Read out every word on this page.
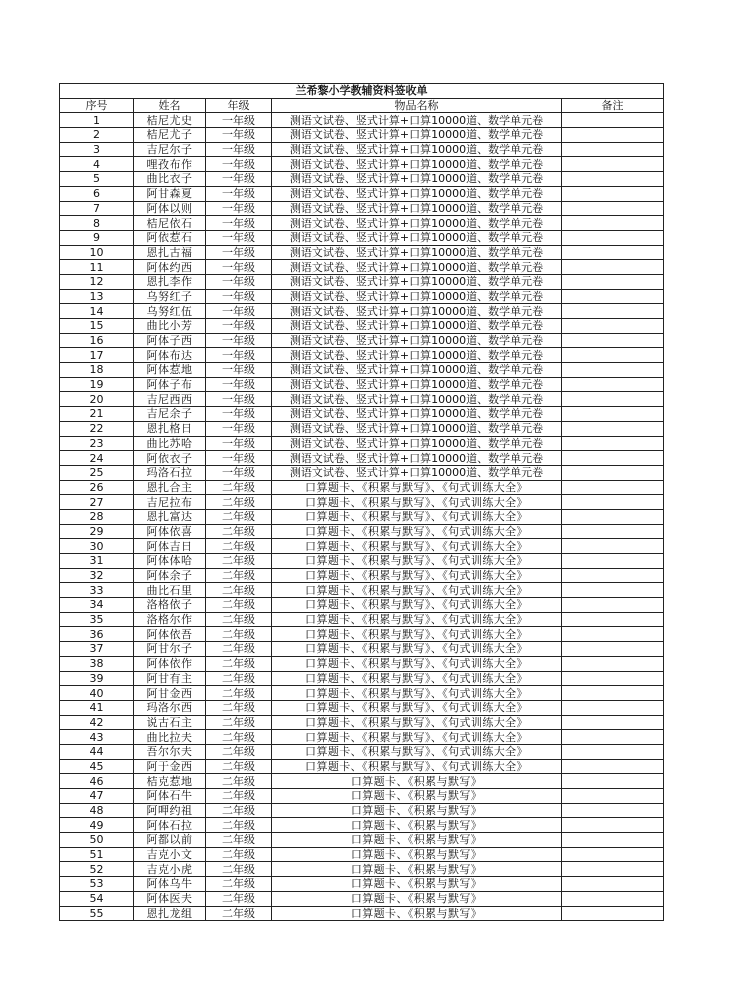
兰希黎小学教辅资料签收单				
序号	姓名	年级	物品名称	备注
1	桔尼尤史	一年级	测语文试卷、竖式计算+口算10000道、数学单元卷	
2	桔尼尤子	一年级	测语文试卷、竖式计算+口算10000道、数学单元卷	
3	吉尼尔子	一年级	测语文试卷、竖式计算+口算10000道、数学单元卷	
4	哩孜布作	一年级	测语文试卷、竖式计算+口算10000道、数学单元卷	
5	曲比衣子	一年级	测语文试卷、竖式计算+口算10000道、数学单元卷	
6	阿甘森夏	一年级	测语文试卷、竖式计算+口算10000道、数学单元卷	
7	阿体以则	一年级	测语文试卷、竖式计算+口算10000道、数学单元卷	
8	桔尼依石	一年级	测语文试卷、竖式计算+口算10000道、数学单元卷	
9	阿依惹石	一年级	测语文试卷、竖式计算+口算10000道、数学单元卷	
10	恩扎古福	一年级	测语文试卷、竖式计算+口算10000道、数学单元卷	
11	阿体约西	一年级	测语文试卷、竖式计算+口算10000道、数学单元卷	
12	恩扎李作	一年级	测语文试卷、竖式计算+口算10000道、数学单元卷	
13	乌努红子	一年级	测语文试卷、竖式计算+口算10000道、数学单元卷	
14	乌努红伍	一年级	测语文试卷、竖式计算+口算10000道、数学单元卷	
15	曲比小芳	一年级	测语文试卷、竖式计算+口算10000道、数学单元卷	
16	阿体子西	一年级	测语文试卷、竖式计算+口算10000道、数学单元卷	
17	阿体布达	一年级	测语文试卷、竖式计算+口算10000道、数学单元卷	
18	阿体惹地	一年级	测语文试卷、竖式计算+口算10000道、数学单元卷	
19	阿体子布	一年级	测语文试卷、竖式计算+口算10000道、数学单元卷	
20	吉尼西西	一年级	测语文试卷、竖式计算+口算10000道、数学单元卷	
21	吉尼余子	一年级	测语文试卷、竖式计算+口算10000道、数学单元卷	
22	恩扎格日	一年级	测语文试卷、竖式计算+口算10000道、数学单元卷	
23	曲比苏哈	一年级	测语文试卷、竖式计算+口算10000道、数学单元卷	
24	阿依衣子	一年级	测语文试卷、竖式计算+口算10000道、数学单元卷	
25	玛洛石拉	一年级	测语文试卷、竖式计算+口算10000道、数学单元卷	
26	恩扎合主	二年级	口算题卡、《积累与默写》、《句式训练大全》	
27	吉尼拉布	二年级	口算题卡、《积累与默写》、《句式训练大全》	
28	恩扎富达	二年级	口算题卡、《积累与默写》、《句式训练大全》	
29	阿体依喜	二年级	口算题卡、《积累与默写》、《句式训练大全》	
30	阿体吉日	二年级	口算题卡、《积累与默写》、《句式训练大全》	
31	阿体体哈	二年级	口算题卡、《积累与默写》、《句式训练大全》	
32	阿体余子	二年级	口算题卡、《积累与默写》、《句式训练大全》	
33	曲比石里	二年级	口算题卡、《积累与默写》、《句式训练大全》	
34	洛格依子	二年级	口算题卡、《积累与默写》、《句式训练大全》	
35	洛格尔作	二年级	口算题卡、《积累与默写》、《句式训练大全》	
36	阿体依吾	二年级	口算题卡、《积累与默写》、《句式训练大全》	
37	阿甘尔子	二年级	口算题卡、《积累与默写》、《句式训练大全》	
38	阿体依作	二年级	口算题卡、《积累与默写》、《句式训练大全》	
39	阿甘有主	二年级	口算题卡、《积累与默写》、《句式训练大全》	
40	阿甘金西	二年级	口算题卡、《积累与默写》、《句式训练大全》	
41	玛洛尔西	二年级	口算题卡、《积累与默写》、《句式训练大全》	
42	说古石主	二年级	口算题卡、《积累与默写》、《句式训练大全》	
43	曲比拉夫	二年级	口算题卡、《积累与默写》、《句式训练大全》	
44	吾尔尔夫	二年级	口算题卡、《积累与默写》、《句式训练大全》	
45	阿于金西	二年级	口算题卡、《积累与默写》、《句式训练大全》	
46	桔克惹地	二年级	口算题卡、《积累与默写》	
47	阿体石牛	二年级	口算题卡、《积累与默写》	
48	阿呷约祖	二年级	口算题卡、《积累与默写》	
49	阿体石拉	二年级	口算题卡、《积累与默写》	
50	阿都以前	二年级	口算题卡、《积累与默写》	
51	吉克小文	二年级	口算题卡、《积累与默写》	
52	吉克小虎	二年级	口算题卡、《积累与默写》	
53	阿体乌牛	二年级	口算题卡、《积累与默写》	
54	阿体医夫	二年级	口算题卡、《积累与默写》	
55	恩扎龙组	二年级	口算题卡、《积累与默写》	
